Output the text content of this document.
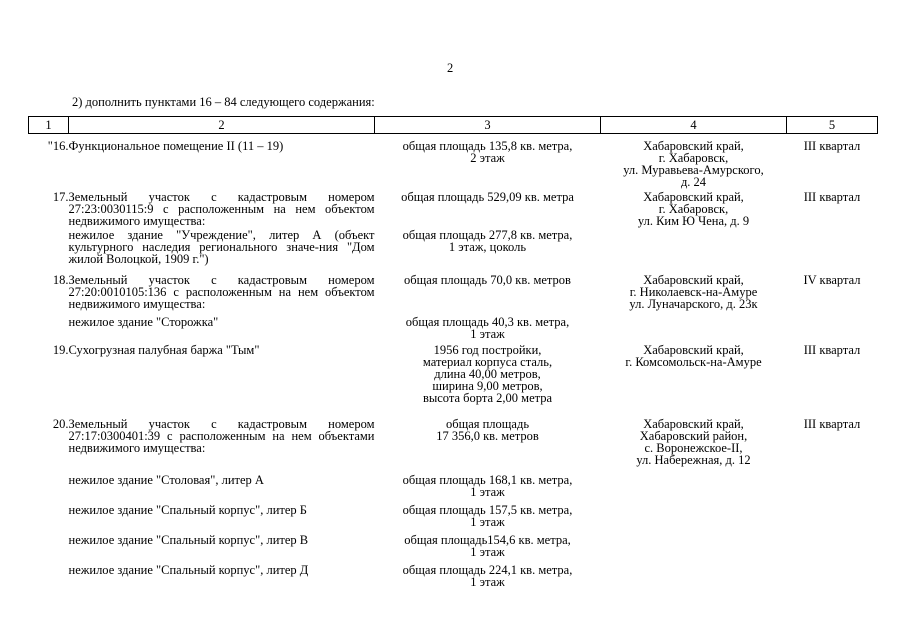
2
2) дополнить пунктами 16 – 84 следующего содержания:
1	2	3	4	5
"16.	Функциональное помещение II (11 – 19)	общая площадь 135,8 кв. метра,
2 этаж	Хабаровский край,
г. Хабаровск,
ул. Муравьева-Амурского,
д. 24	III квартал
17.	Земельный участок с кадастровым номером 27:23:0030115:9 с расположенным на нем объектом недвижимого имущества:	общая площадь 529,09 кв. метра	Хабаровский край,
г. Хабаровск,
ул. Ким Ю Чена, д. 9	III квартал
	нежилое здание "Учреждение", литер А (объект культурного наследия регионального значе-ния "Дом жилой Волоцкой, 1909 г.")	общая площадь 277,8 кв. метра,
1 этаж, цоколь		
18.	Земельный участок с кадастровым номером 27:20:0010105:136 с расположенным на нем объектом недвижимого имущества:	общая площадь 70,0 кв. метров	Хабаровский край,
г. Николаевск-на-Амуре
ул. Луначарского, д. 23к	IV квартал
	нежилое здание "Сторожка"	общая площадь 40,3 кв. метра,
1 этаж		
19.	Сухогрузная палубная баржа "Тым"	1956 год постройки,
материал корпуса сталь,
длина 40,00 метров,
ширина 9,00 метров,
высота борта 2,00 метра	Хабаровский край,
г. Комсомольск-на-Амуре	III квартал
20.	Земельный участок с кадастровым номером 27:17:0300401:39 с расположенным на нем объектами недвижимого имущества:	общая площадь
17 356,0 кв. метров	Хабаровский край,
Хабаровский район,
с. Воронежское-II,
ул. Набережная, д. 12	III квартал
	нежилое здание "Столовая", литер А	общая площадь 168,1 кв. метра,
1 этаж		
	нежилое здание "Спальный корпус", литер Б	общая площадь 157,5 кв. метра,
1 этаж		
	нежилое здание "Спальный корпус", литер В	общая площадь154,6 кв. метра,
1 этаж		
	нежилое здание "Спальный корпус", литер Д	общая площадь 224,1 кв. метра,
1 этаж		
